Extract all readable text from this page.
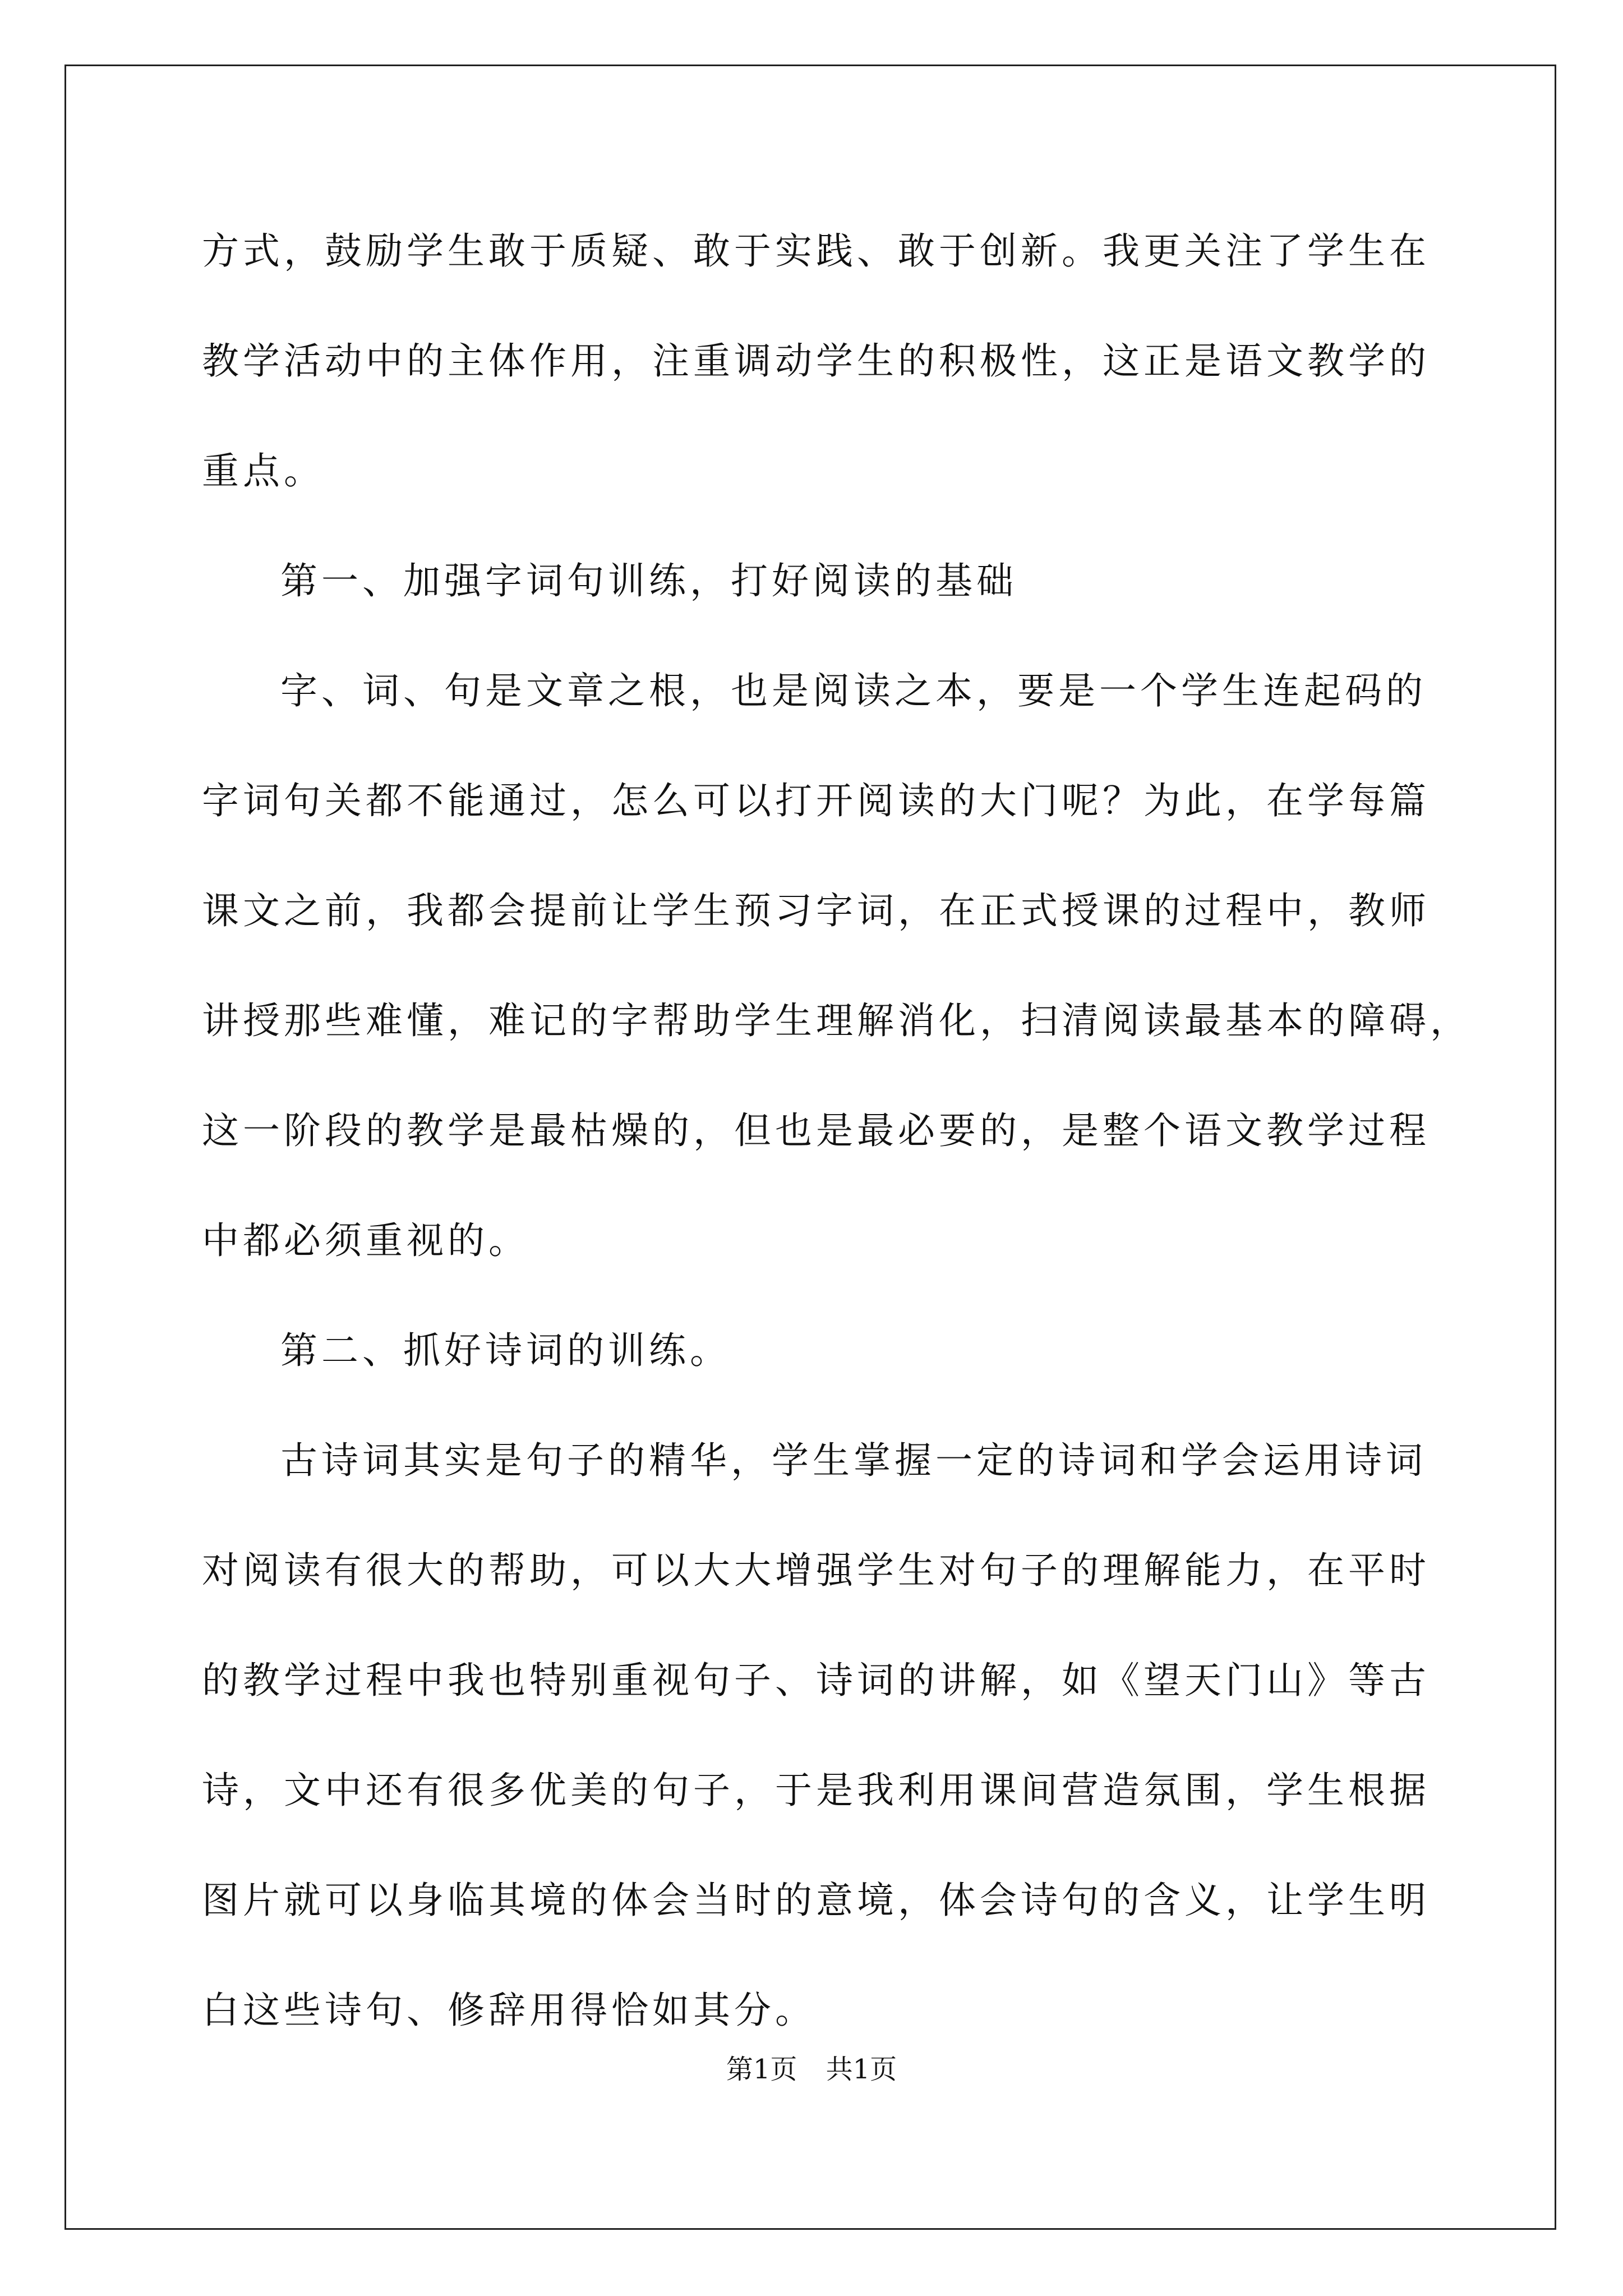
方式，鼓励学生敢于质疑、敢于实践、敢于创新。我更关注了学生在
教学活动中的主体作用，注重调动学生的积极性，这正是语文教学的
重点。
第一、加强字词句训练，打好阅读的基础
字、词、句是文章之根，也是阅读之本，要是一个学生连起码的
字词句关都不能通过，怎么可以打开阅读的大门呢？为此，在学每篇
课文之前，我都会提前让学生预习字词，在正式授课的过程中，教师
讲授那些难懂，难记的字帮助学生理解消化，扫清阅读最基本的障碍，
这一阶段的教学是最枯燥的，但也是最必要的，是整个语文教学过程
中都必须重视的。
第二、抓好诗词的训练。
古诗词其实是句子的精华，学生掌握一定的诗词和学会运用诗词
对阅读有很大的帮助，可以大大增强学生对句子的理解能力，在平时
的教学过程中我也特别重视句子、诗词的讲解，如《望天门山》等古
诗，文中还有很多优美的句子，于是我利用课间营造氛围，学生根据
图片就可以身临其境的体会当时的意境，体会诗句的含义，让学生明
白这些诗句、修辞用得恰如其分。
第1页 共1页
